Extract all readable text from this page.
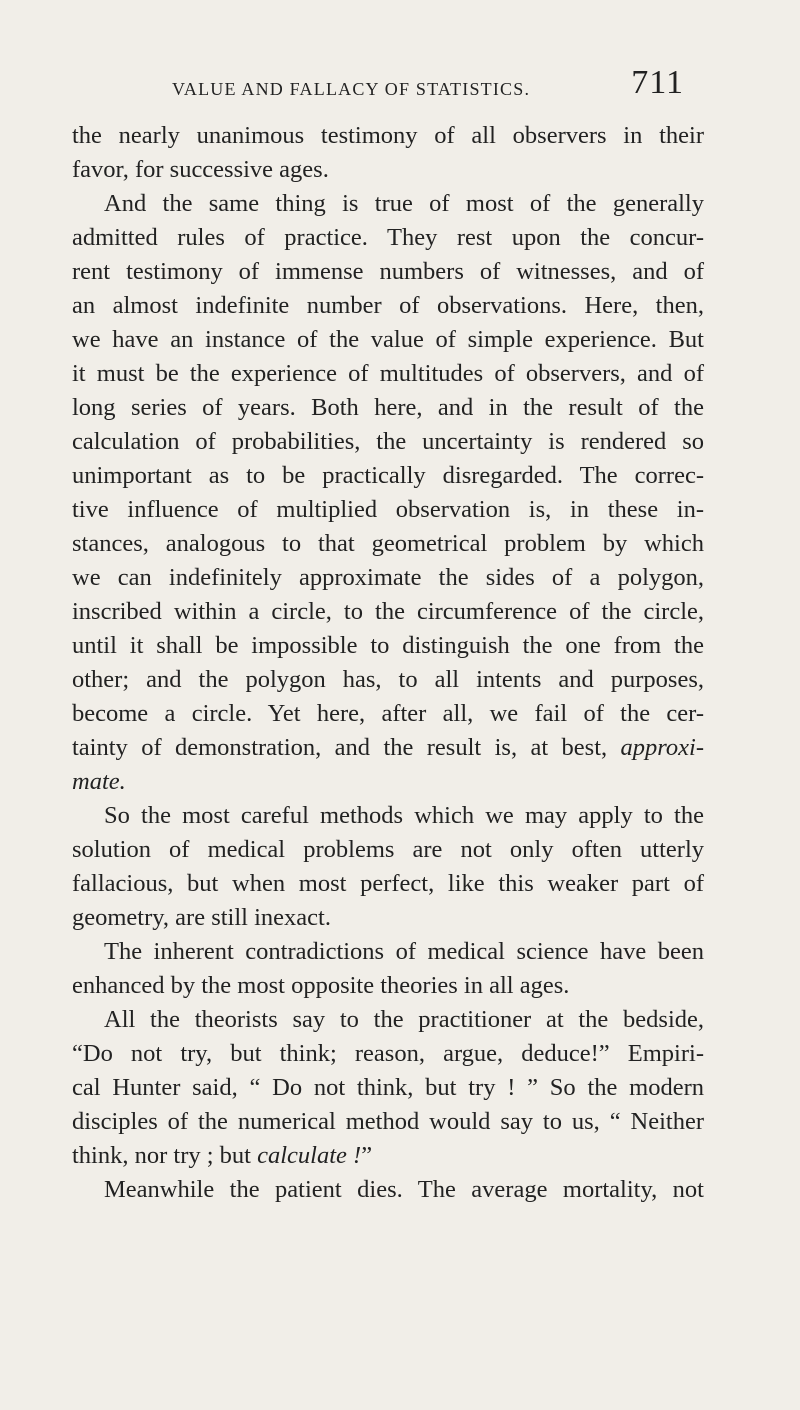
VALUE AND FALLACY OF STATISTICS.	711
the nearly unanimous testimony of all observers in their
favor, for successive ages.
And the same thing is true of most of the generally
admitted rules of practice. They rest upon the concur-
rent testimony of immense numbers of witnesses, and of
an almost indefinite number of observations. Here, then,
we have an instance of the value of simple experience. But
it must be the experience of multitudes of observers, and of
long series of years. Both here, and in the result of the
calculation of probabilities, the uncertainty is rendered so
unimportant as to be practically disregarded. The correc-
tive influence of multiplied observation is, in these in-
stances, analogous to that geometrical problem by which
we can indefinitely approximate the sides of a polygon,
inscribed within a circle, to the circumference of the circle,
until it shall be impossible to distinguish the one from the
other; and the polygon has, to all intents and purposes,
become a circle. Yet here, after all, we fail of the cer-
tainty of demonstration, and the result is, at best, approxi-
mate.
So the most careful methods which we may apply to the
solution of medical problems are not only often utterly
fallacious, but when most perfect, like this weaker part of
geometry, are still inexact.
The inherent contradictions of medical science have been
enhanced by the most opposite theories in all ages.
All the theorists say to the practitioner at the bedside,
“Do not try, but think; reason, argue, deduce!” Empiri-
cal Hunter said, “ Do not think, but try ! ” So the modern
disciples of the numerical method would say to us, “ Neither
think, nor try ; but calculate !”
Meanwhile the patient dies. The average mortality, not
